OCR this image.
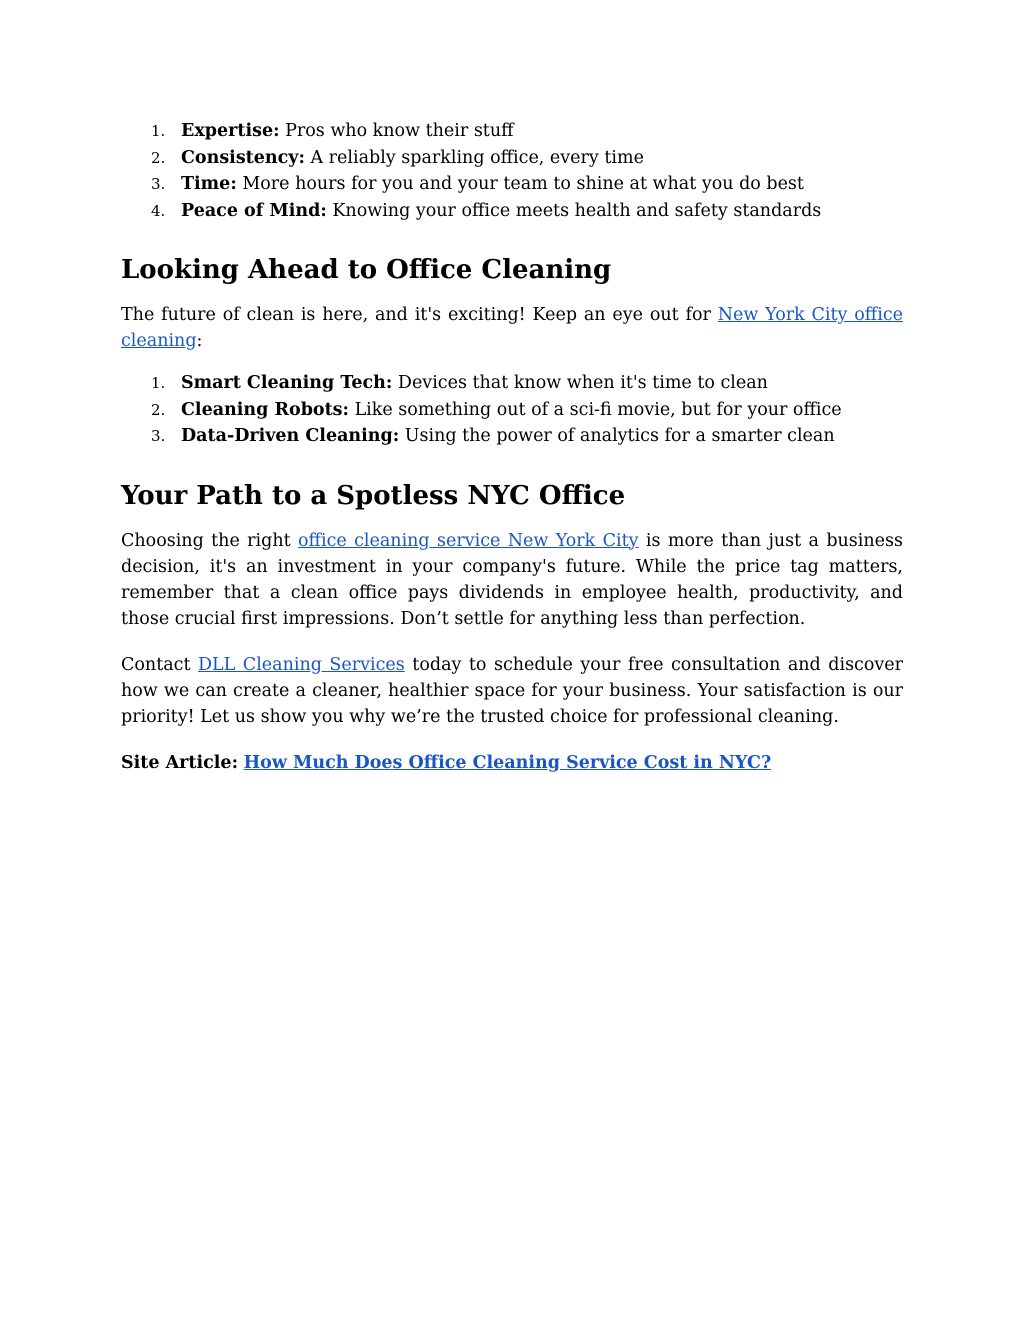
1. Expertise: Pros who know their stuff
2. Consistency: A reliably sparkling office, every time
3. Time: More hours for you and your team to shine at what you do best
4. Peace of Mind: Knowing your office meets health and safety standards
Looking Ahead to Office Cleaning

The future of clean is here, and it's exciting! Keep an eye out for New York City office cleaning:

1. Smart Cleaning Tech: Devices that know when it's time to clean
2. Cleaning Robots: Like something out of a sci-fi movie, but for your office
3. Data-Driven Cleaning: Using the power of analytics for a smarter clean
Your Path to a Spotless NYC Office

Choosing the right office cleaning service New York City is more than just a business decision, it's an investment in your company's future. While the price tag matters, remember that a clean office pays dividends in employee health, productivity, and those crucial first impressions. Don’t settle for anything less than perfection.

Contact DLL Cleaning Services today to schedule your free consultation and discover how we can create a cleaner, healthier space for your business. Your satisfaction is our priority! Let us show you why we’re the trusted choice for professional cleaning.

Site Article: How Much Does Office Cleaning Service Cost in NYC?
